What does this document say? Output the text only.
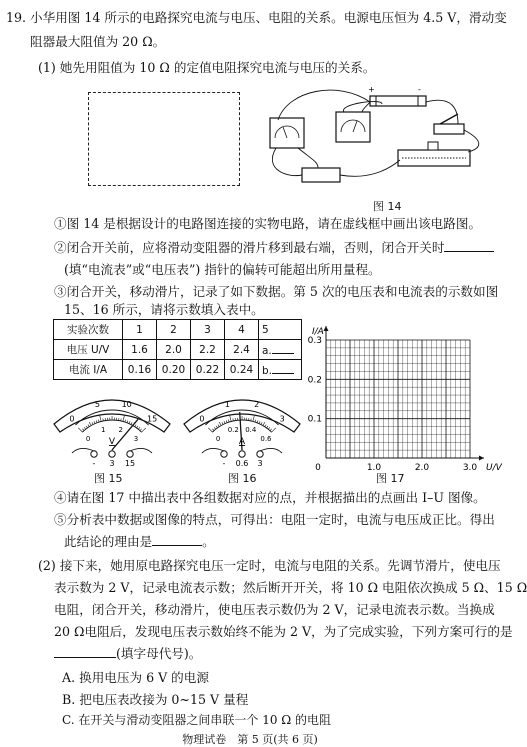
19. 小华用图 14 所示的电路探究电流与电压、电阻的关系。电源电压恒为 4.5 V，滑动变
阻器最大阻值为 20 Ω。
(1) 她先用阻值为 10 Ω 的定值电阻探究电流与电压的关系。
+	-
图 14
①图 14 是根据设计的电路图连接的实物电路，请在虚线框中画出该电路图。
②闭合开关前，应将滑动变阻器的滑片移到最右端，否则，闭合开关时
(填“电流表”或“电压表”) 指针的偏转可能超出所用量程。
③闭合开关，移动滑片，记录了如下数据。第 5 次的电压表和电流表的示数如图
15、16 所示，请将示数填入表中。
实验次数	1	2	3	4	5
电压 U/V	1.6	2.0	2.2	2.4	a.
电流 I/A	0.16	0.20	0.22	0.24	b.
0
5	10
15
0
1 2
3
V
- 3 15
0
1	2
3
0
0.2 0.4
0.6
A
- 0.6 3
图 15	图 16
0	1.0	2.0	3.0
0.1
0.2
0.3
U/V
I/A
图 17
④请在图 17 中描出表中各组数据对应的点，并根据描出的点画出 I–U 图像。
⑤分析表中数据或图像的特点，可得出：电阻一定时，电流与电压成正比。得出
此结论的理由是	。
(2) 接下来，她用原电路探究电压一定时，电流与电阻的关系。先调节滑片，使电压
表示数为 2 V，记录电流表示数；然后断开开关，将 10 Ω 电阻依次换成 5 Ω、15 Ω
电阻，闭合开关，移动滑片，使电压表示数仍为 2 V，记录电流表示数。当换成
20 Ω电阻后，发现电压表示数始终不能为 2 V，为了完成实验，下列方案可行的是
(填字母代号)。
A. 换用电压为 6 V 的电源
B. 把电压表改接为 0~15 V 量程
C. 在开关与滑动变阻器之间串联一个 10 Ω 的电阻
物理试卷　第 5 页(共 6 页)
